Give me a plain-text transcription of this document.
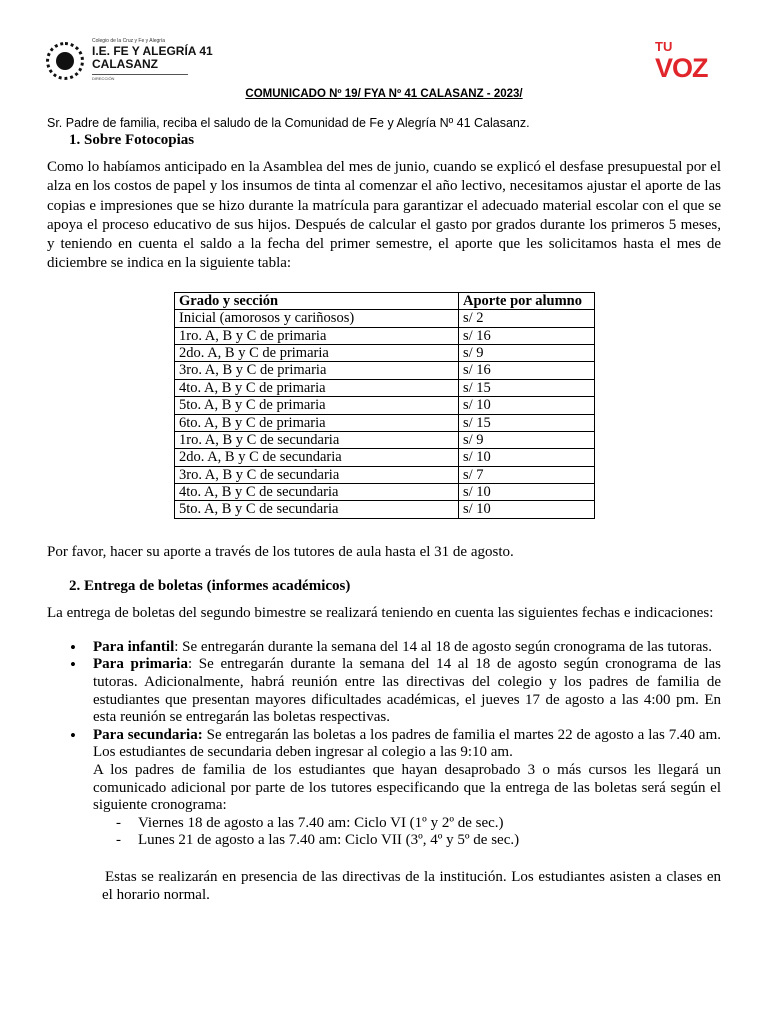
Colegio de la Cruz y Fe y Alegría
I.E. FE Y ALEGRÍA 41
CALASANZ
DIRECCIÓN
TU
VOZ
COMUNICADO Nº 19/ FYA Nº 41 CALASANZ - 2023/
Sr. Padre de familia, reciba el saludo de la Comunidad de Fe y Alegría Nº 41 Calasanz.
1. Sobre Fotocopias
Como lo habíamos anticipado en la Asamblea del mes de junio, cuando se explicó el desfase presupuestal por el alza en los costos de papel y los insumos de tinta al comenzar el año lectivo, necesitamos ajustar el aporte de las copias e impresiones que se hizo durante la matrícula para garantizar el adecuado material escolar con el que se apoya el proceso educativo de sus hijos. Después de calcular el gasto por grados durante los primeros 5 meses, y teniendo en cuenta el saldo a la fecha del primer semestre, el aporte que les solicitamos hasta el mes de diciembre se indica en la siguiente tabla:
Grado y sección	Aporte por alumno
Inicial (amorosos y cariñosos)	s/ 2
1ro. A, B y C de primaria	s/ 16
2do. A, B y C de primaria	s/ 9
3ro. A, B y C de primaria	s/ 16
4to. A, B y C de primaria	s/ 15
5to. A, B y C de primaria	s/ 10
6to. A, B y C de primaria	s/ 15
1ro. A, B y C de secundaria	s/ 9
2do. A, B y C de secundaria	s/ 10
3ro. A, B y C de secundaria	s/ 7
4to. A, B y C de secundaria	s/ 10
5to. A, B y C de secundaria	s/ 10
Por favor, hacer su aporte a través de los tutores de aula hasta el 31 de agosto.
2. Entrega de boletas (informes académicos)
La entrega de boletas del segundo bimestre se realizará teniendo en cuenta las siguientes fechas e indicaciones:
• Para infantil: Se entregarán durante la semana del 14 al 18 de agosto según cronograma de las tutoras.
• Para primaria: Se entregarán durante la semana del 14 al 18 de agosto según cronograma de las tutoras. Adicionalmente, habrá reunión entre las directivas del colegio y los padres de familia de estudiantes que presentan mayores dificultades académicas, el jueves 17 de agosto a las 4:00 pm. En esta reunión se entregarán las boletas respectivas.
• Para secundaria: Se entregarán las boletas a los padres de familia el martes 22 de agosto a las 7.40 am. Los estudiantes de secundaria deben ingresar al colegio a las 9:10 am.
A los padres de familia de los estudiantes que hayan desaprobado 3 o más cursos les llegará un comunicado adicional por parte de los tutores especificando que la entrega de las boletas será según el siguiente cronograma:
- Viernes 18 de agosto a las 7.40 am: Ciclo VI (1º y 2º de sec.)
- Lunes 21 de agosto a las 7.40 am: Ciclo VII (3º, 4º y 5º de sec.)
Estas se realizarán en presencia de las directivas de la institución. Los estudiantes asisten a clases en el horario normal.
